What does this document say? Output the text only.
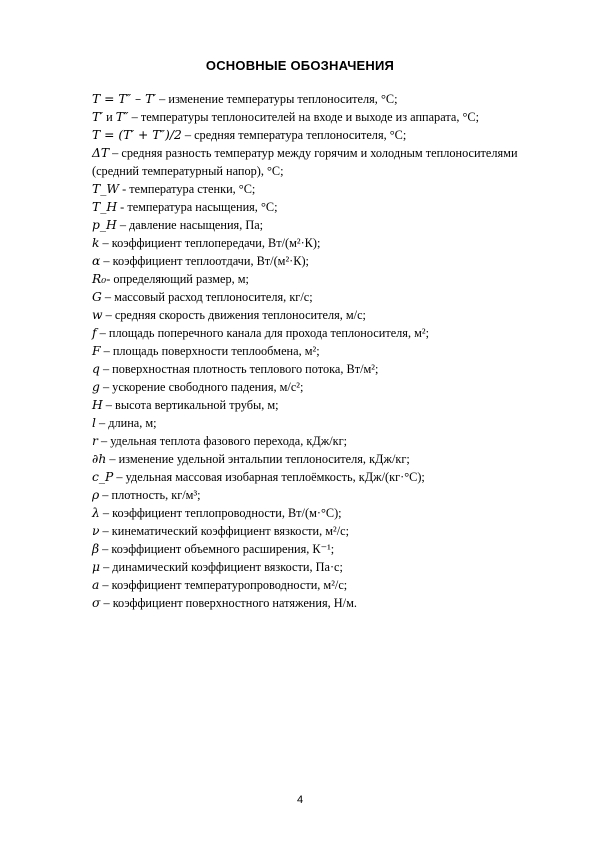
ОСНОВНЫЕ ОБОЗНАЧЕНИЯ
T = T″ – T′ – изменение температуры теплоносителя, °С;
T′ и T″ – температуры теплоносителей на входе и выходе из аппарата, °С;
T = (T′ + T″)/2 – средняя температура теплоносителя, °С;
ΔT – средняя разность температур между горячим и холодным теплоносителями (средний температурный напор), °С;
T_W - температура стенки, °С;
T_H - температура насыщения, °С;
p_H – давление насыщения, Па;
k – коэффициент теплопередачи, Вт/(м²·К);
α – коэффициент теплоотдачи, Вт/(м²·К);
R₀- определяющий размер, м;
G – массовый расход теплоносителя, кг/с;
w – средняя скорость движения теплоносителя, м/с;
f – площадь поперечного канала для прохода теплоносителя, м²;
F – площадь поверхности теплообмена, м²;
q – поверхностная плотность теплового потока, Вт/м²;
g – ускорение свободного падения, м/с²;
H – высота вертикальной трубы, м;
l – длина, м;
r – удельная теплота фазового перехода, кДж/кг;
∂h – изменение удельной энтальпии теплоносителя, кДж/кг;
c_P – удельная массовая изобарная теплоёмкость, кДж/(кг·°С);
ρ – плотность, кг/м³;
λ – коэффициент теплопроводности, Вт/(м·°С);
ν – кинематический коэффициент вязкости, м²/с;
β – коэффициент объемного расширения, К⁻¹;
μ – динамический коэффициент вязкости, Па·с;
а – коэффициент температуропроводности, м²/с;
σ – коэффициент поверхностного натяжения, Н/м.
4
